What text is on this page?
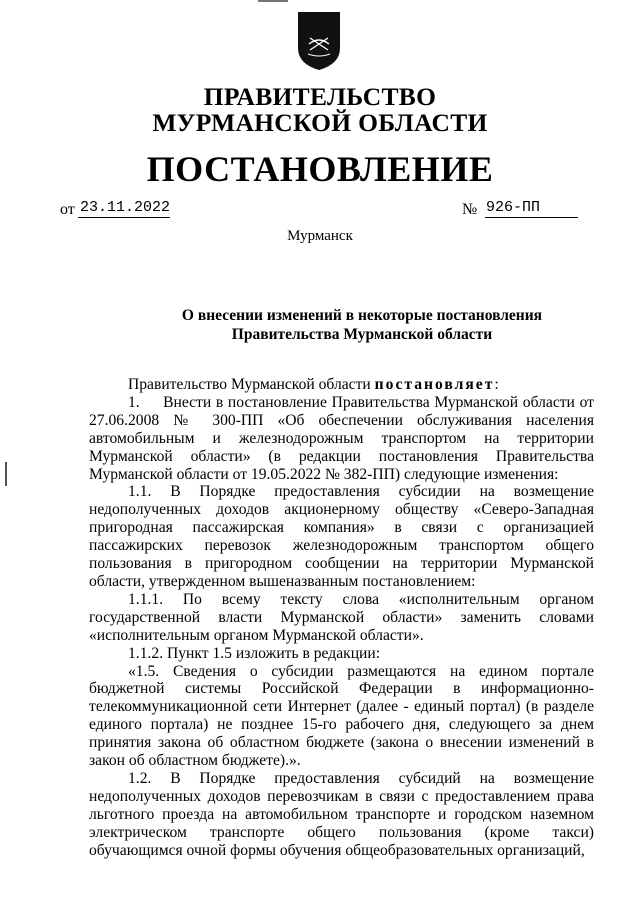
ПРАВИТЕЛЬСТВО
МУРМАНСКОЙ ОБЛАСТИ
ПОСТАНОВЛЕНИЕ
от 23.11.2022	№ 926-ПП
Мурманск
О внесении изменений в некоторые постановления
Правительства Мурманской области

Правительство Мурманской области постановляет:

1.     Внести в постановление Правительства Мурманской области от 27.06.2008 № 300-ПП «Об обеспечении обслуживания населения автомобильным и железнодорожным транспортом на территории Мурманской области» (в редакции постановления Правительства Мурманской области от 19.05.2022 № 382-ПП) следующие изменения:

1.1. В Порядке предоставления субсидии на возмещение недополученных доходов акционерному обществу «Северо-Западная пригородная пассажирская компания» в связи с организацией пассажирских перевозок железнодорожным транспортом общего пользования в пригородном сообщении на территории Мурманской области, утвержденном вышеназванным постановлением:

1.1.1. По всему тексту слова «исполнительным органом государственной власти Мурманской области» заменить словами «исполнительным органом Мурманской области».

1.1.2. Пункт 1.5 изложить в редакции:

«1.5. Сведения о субсидии размещаются на едином портале бюджетной системы Российской Федерации в информационно-телекоммуникационной сети Интернет (далее - единый портал) (в разделе единого портала) не позднее 15-го рабочего дня, следующего за днем принятия закона об областном бюджете (закона о внесении изменений в закон об областном бюджете).».

1.2. В Порядке предоставления субсидий на возмещение недополученных доходов перевозчикам в связи с предоставлением права льготного проезда на автомобильном транспорте и городском наземном электрическом транспорте общего пользования (кроме такси) обучающимся очной формы обучения общеобразовательных организаций,
